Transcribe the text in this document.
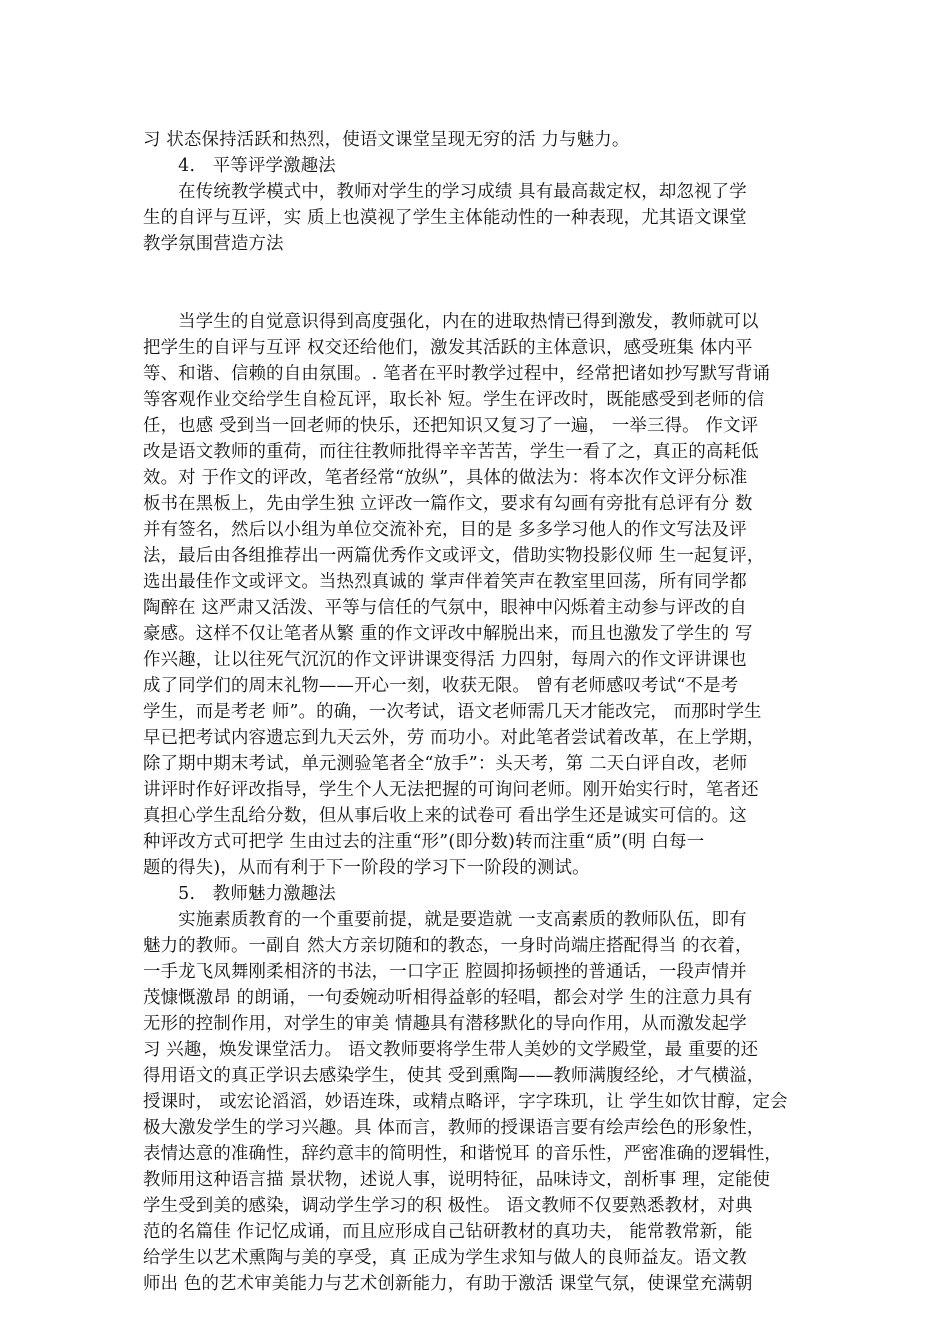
习 状态保持活跃和热烈，使语文课堂呈现无穷的活 力与魅力。
　　4.　平等评学激趣法
　　在传统教学模式中，教师对学生的学习成绩 具有最高裁定权，却忽视了学
生的自评与互评，实 质上也漠视了学生主体能动性的一种表现，尤其语文课堂
教学氛围营造方法
　　当学生的自觉意识得到高度强化，内在的进取热情已得到激发，教师就可以
把学生的自评与互评 权交还给他们，激发其活跃的主体意识，感受班集 体内平
等、和谐、信赖的自由氛围。. 笔者在平时教学过程中，经常把诸如抄写默写背诵
等客观作业交给学生自检瓦评，取长补 短。学生在评改时，既能感受到老师的信
任，也感 受到当一回老师的快乐，还把知识又复习了一遍， 一举三得。 作文评
改是语文教师的重荷，而往往教师批得辛辛苦苦，学生一看了之，真正的高耗低
效。对 于作文的评改，笔者经常“放纵”，具体的做法为：将本次作文评分标准
板书在黑板上，先由学生独 立评改一篇作文，要求有勾画有旁批有总评有分 数
并有签名，然后以小组为单位交流补充，目的是 多多学习他人的作文写法及评
法，最后由各组推荐出一两篇优秀作文或评文，借助实物投影仪师 生一起复评，
选出最佳作文或评文。当热烈真诚的 掌声伴着笑声在教室里回荡，所有同学都
陶醉在 这严肃又活泼、平等与信任的气氛中，眼神中闪烁着主动参与评改的自
豪感。这样不仅让笔者从繁 重的作文评改中解脱出来，而且也激发了学生的 写
作兴趣，让以往死气沉沉的作文评讲课变得活 力四射，每周六的作文评讲课也
成了同学们的周末礼物——开心一刻，收获无限。 曾有老师感叹考试“不是考
学生，而是考老 师”。的确，一次考试，语文老师需几天才能改完， 而那时学生
早已把考试内容遗忘到九天云外，劳 而功小。对此笔者尝试着改革，在上学期，
除了期中期末考试，单元测验笔者全“放手”：头天考，第 二天白评自改，老师
讲评时作好评改指导，学生个人无法把握的可询问老师。刚开始实行时，笔者还
真担心学生乱给分数，但从事后收上来的试卷可 看出学生还是诚实可信的。这
种评改方式可把学 生由过去的注重“形”(即分数)转而注重“质”(明 白每一
题的得失)，从而有利于下一阶段的学习下一阶段的测试。
　　5.　教师魅力激趣法
　　实施素质教育的一个重要前提，就是要造就 一支高素质的教师队伍，即有
魅力的教师。一副自 然大方亲切随和的教态，一身时尚端庄搭配得当 的衣着，
一手龙飞凤舞刚柔相济的书法，一口字正 腔圆抑扬顿挫的普通话，一段声情并
茂慷慨激昂 的朗诵，一句委婉动听相得益彰的轻唱，都会对学 生的注意力具有
无形的控制作用，对学生的审美 情趣具有潜移默化的导向作用，从而激发起学
习 兴趣，焕发课堂活力。 语文教师要将学生带人美妙的文学殿堂，最 重要的还
得用语文的真正学识去感染学生，使其 受到熏陶——教师满腹经纶，才气横溢，
授课时， 或宏论滔滔，妙语连珠，或精点略评，字字珠玑，让 学生如饮甘醇，定会
极大激发学生的学习兴趣。具 体而言，教师的授课语言要有绘声绘色的形象性，
表情达意的准确性，辞约意丰的简明性，和谐悦耳 的音乐性，严密准确的逻辑性，
教师用这种语言描 景状物，述说人事，说明特征，品味诗文，剖析事 理，定能使
学生受到美的感染，调动学生学习的积 极性。 语文教师不仅要熟悉教材，对典
范的名篇佳 作记忆成诵，而且应形成自己钻研教材的真功夫， 能常教常新，能
给学生以艺术熏陶与美的享受，真 正成为学生求知与做人的良师益友。语文教
师出 色的艺术审美能力与艺术创新能力，有助于激活 课堂气氛，使课堂充满朝
